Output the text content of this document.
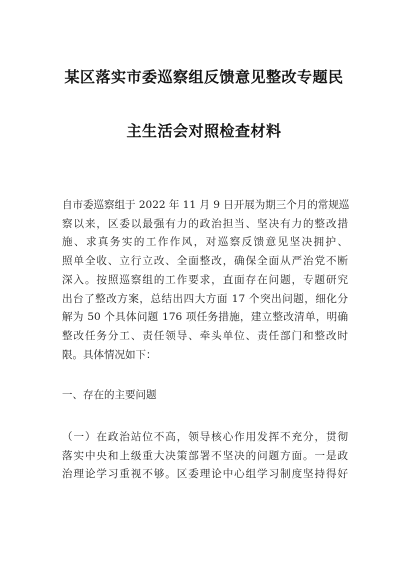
某区落实市委巡察组反馈意见整改专题民
主生活会对照检查材料
自市委巡察组于 2022 年 11 月 9 日开展为期三个月的常规巡
察以来，区委以最强有力的政治担当、坚决有力的整改措
施、求真务实的工作作风，对巡察反馈意见坚决拥护、
照单全收、立行立改、全面整改，确保全面从严治党不断
深入。按照巡察组的工作要求，直面存在问题，专题研究
出台了整改方案，总结出四大方面 17 个突出问题，细化分
解为 50 个具体问题 176 项任务措施，建立整改清单，明确
整改任务分工、责任领导、牵头单位、责任部门和整改时
限。具体情况如下：
一、存在的主要问题
（一）在政治站位不高，领导核心作用发挥不充分，贯彻
落实中央和上级重大决策部署不坚决的问题方面。一是政
治理论学习重视不够。区委理论中心组学习制度坚持得好
